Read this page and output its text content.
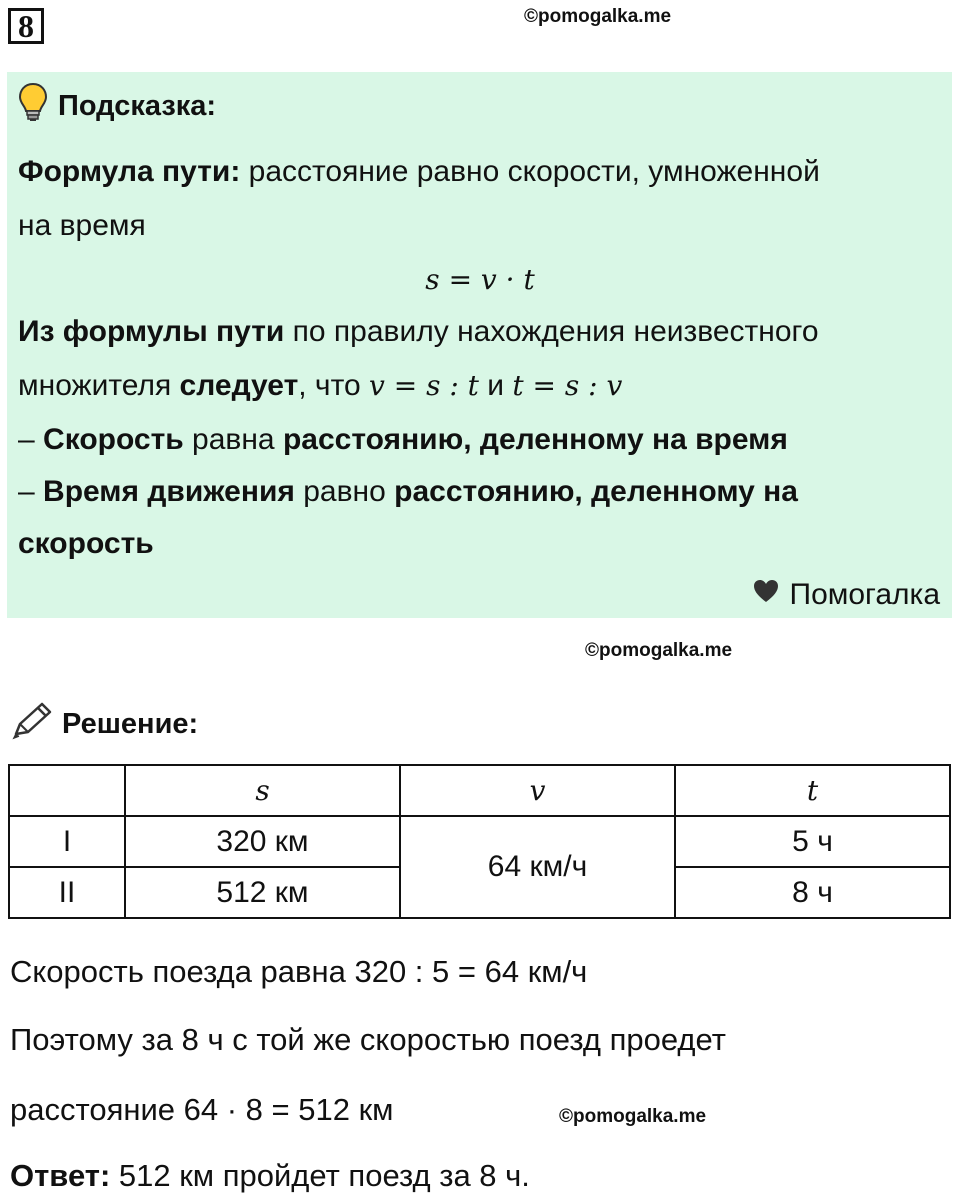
8	©pomogalka.me
Подсказка:
Формула пути: расстояние равно скорости, умноженной
на время
s = v · t
Из формулы пути по правилу нахождения неизвестного
множителя следует, что v = s : t и t = s : v
– Скорость равна расстоянию, деленному на время
– Время движения равно расстоянию, деленному на
скорость
Помогалка
©pomogalka.me
Решение:
	s	v	t
I	320 км	64 км/ч	5 ч
II	512 км		8 ч
Скорость поезда равна 320 : 5 = 64 км/ч
Поэтому за 8 ч с той же скоростью поезд проедет
расстояние 64 · 8 = 512 км	©pomogalka.me
Ответ: 512 км пройдет поезд за 8 ч.
